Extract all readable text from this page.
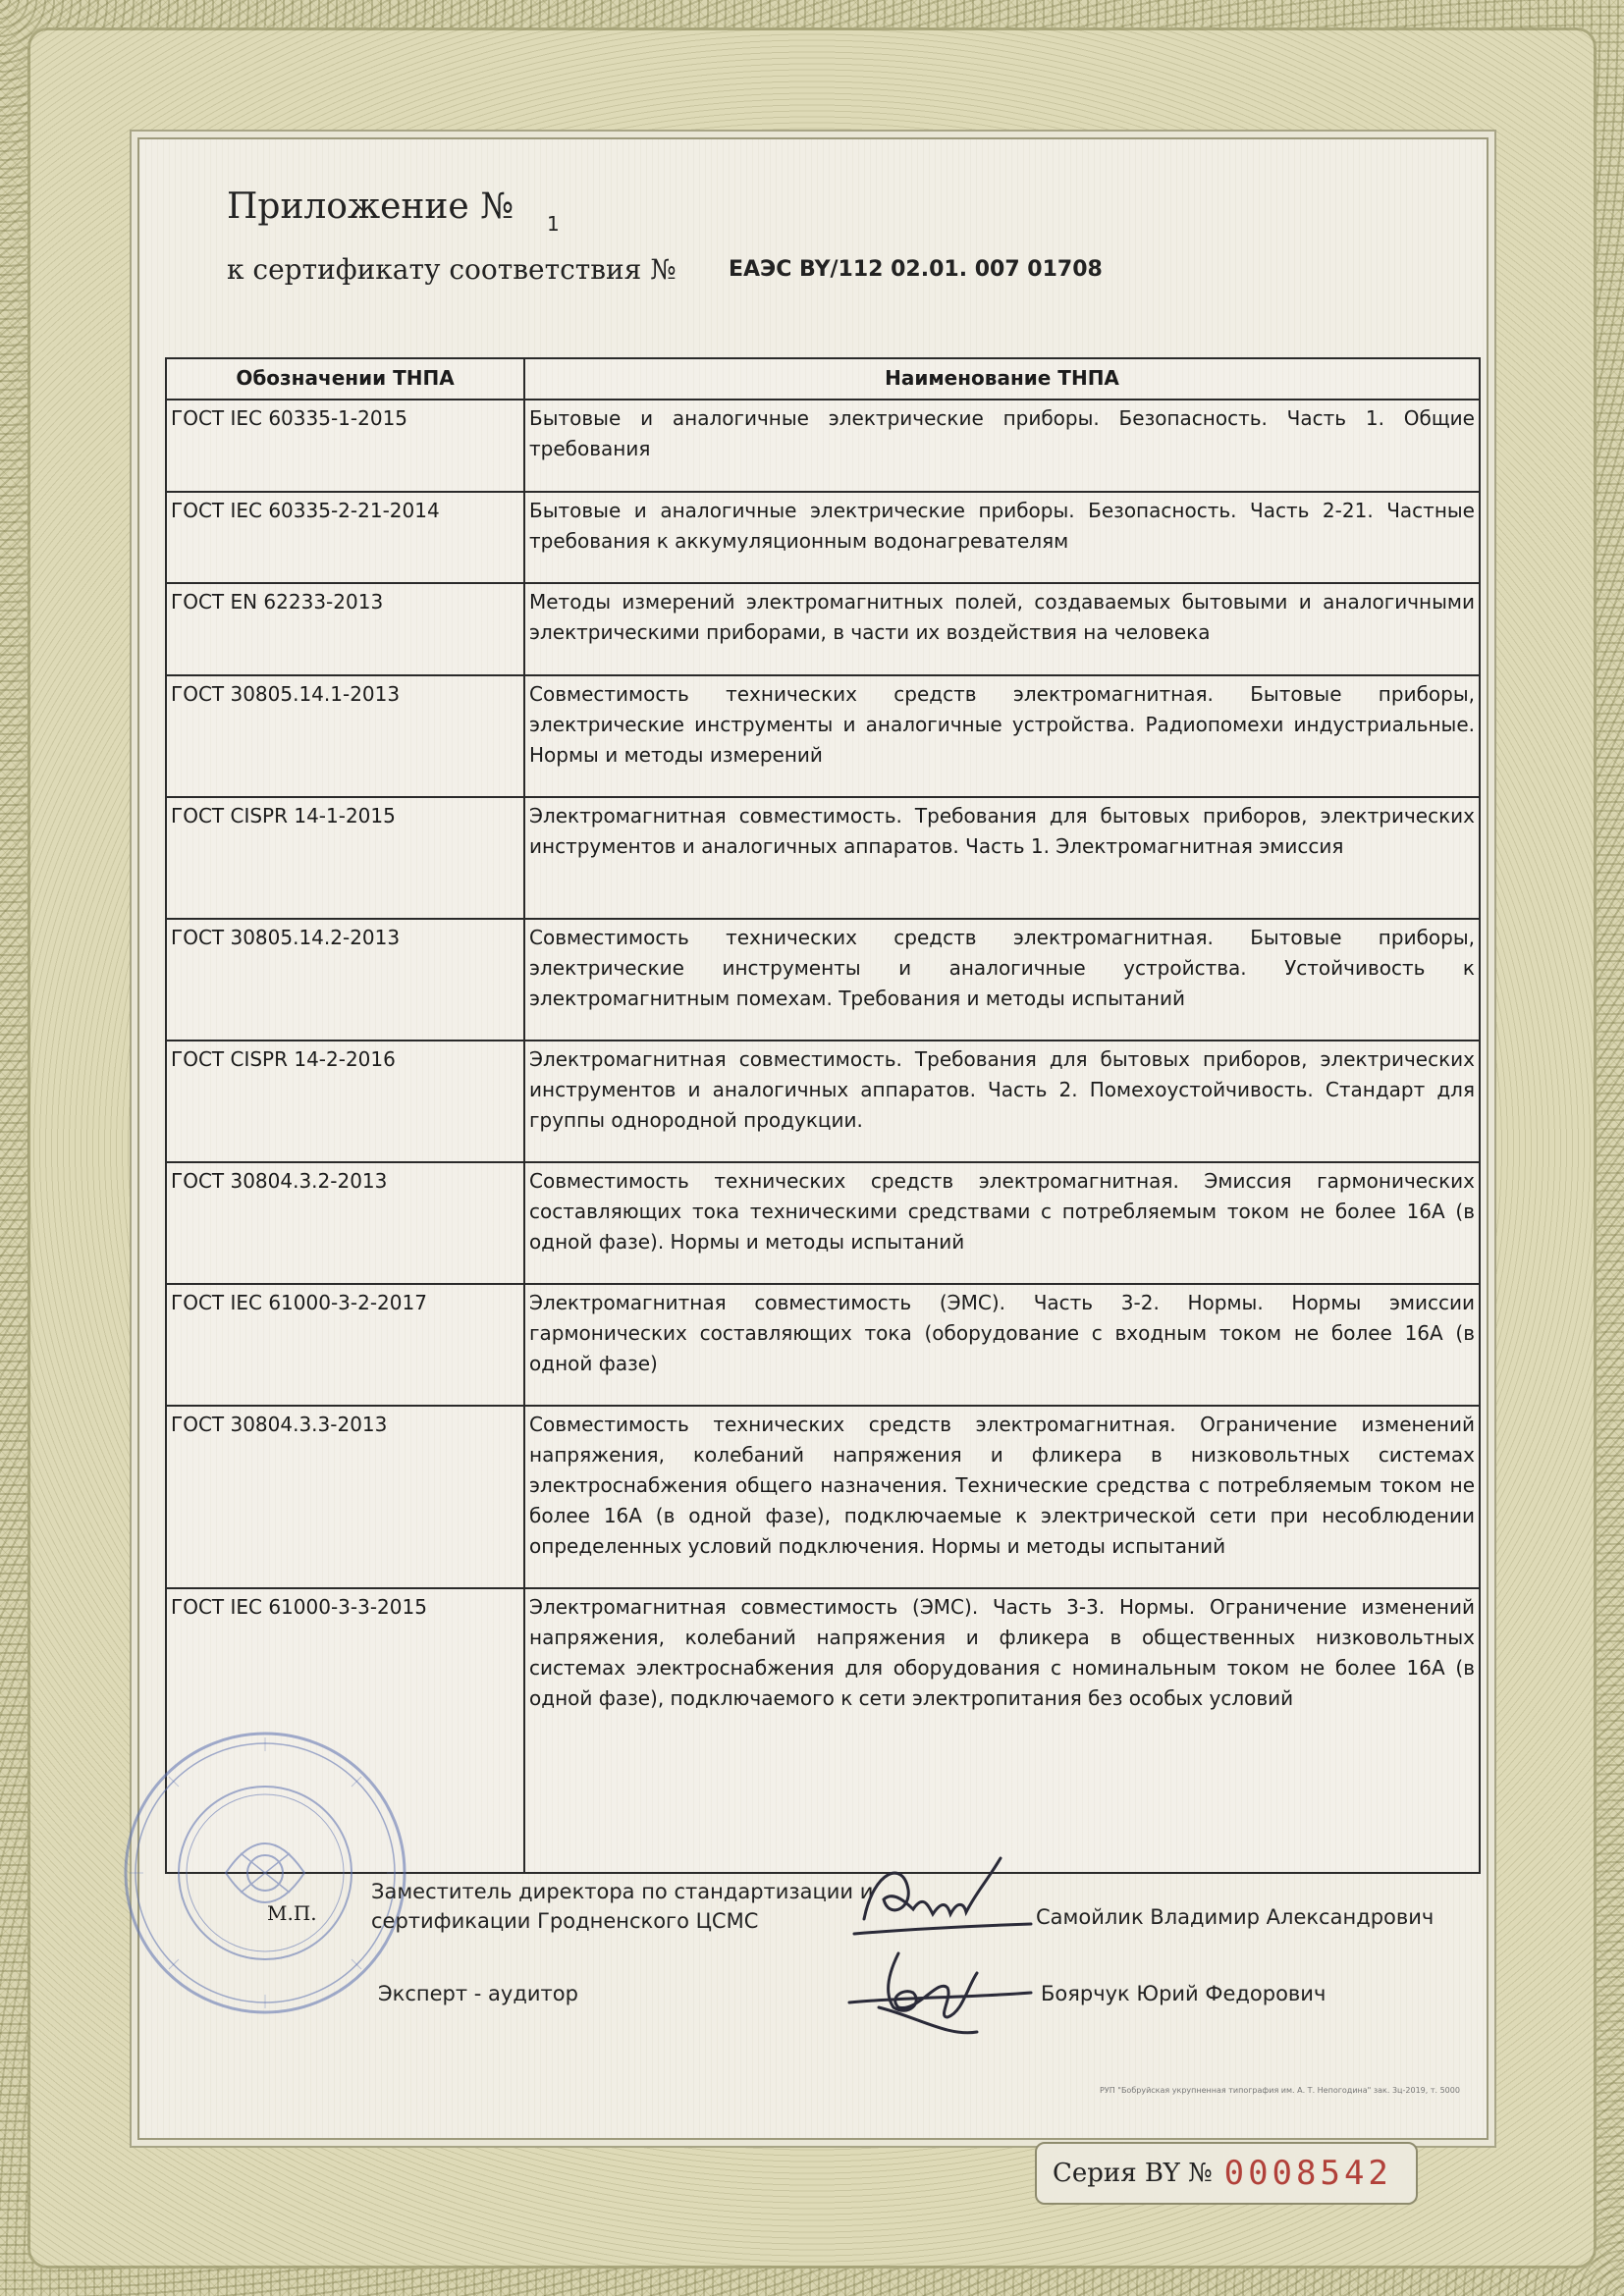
Приложение № 1
к сертификату соответствия № ЕАЭС BY/112 02.01. 007 01708
Обозначении ТНПА	Наименование ТНПА
ГОСТ IEC 60335-1-2015	Бытовые и аналогичные электрические приборы. Безопасность. Часть 1. Общие требования
ГОСТ IEC 60335-2-21-2014	Бытовые и аналогичные электрические приборы. Безопасность. Часть 2-21. Частные требования к аккумуляционным водонагревателям
ГОСТ EN 62233-2013	Методы измерений электромагнитных полей, создаваемых бытовыми и аналогичными электрическими приборами, в части их воздействия на человека
ГОСТ 30805.14.1-2013	Совместимость технических средств электромагнитная. Бытовые приборы, электрические инструменты и аналогичные устройства. Радиопомехи индустриальные. Нормы и методы измерений
ГОСТ CISPR 14-1-2015	Электромагнитная совместимость. Требования для бытовых приборов, электрических инструментов и аналогичных аппаратов. Часть 1. Электромагнитная эмиссия
ГОСТ 30805.14.2-2013	Совместимость технических средств электромагнитная. Бытовые приборы, электрические инструменты и аналогичные устройства. Устойчивость к электромагнитным помехам. Требования и методы испытаний
ГОСТ CISPR 14-2-2016	Электромагнитная совместимость. Требования для бытовых приборов, электрических инструментов и аналогичных аппаратов. Часть 2. Помехоустойчивость. Стандарт для группы однородной продукции.
ГОСТ 30804.3.2-2013	Совместимость технических средств электромагнитная. Эмиссия гармонических составляющих тока техническими средствами с потребляемым током не более 16А (в одной фазе). Нормы и методы испытаний
ГОСТ IEC 61000-3-2-2017	Электромагнитная совместимость (ЭМС). Часть 3-2. Нормы. Нормы эмиссии гармонических составляющих тока (оборудование с входным током не более 16А (в одной фазе)
ГОСТ 30804.3.3-2013	Совместимость технических средств электромагнитная. Ограничение изменений напряжения, колебаний напряжения и фликера в низковольтных системах электроснабжения общего назначения. Технические средства с потребляемым током не более 16А (в одной фазе), подключаемые к электрической сети при несоблюдении определенных условий подключения. Нормы и методы испытаний
ГОСТ IEC 61000-3-3-2015	Электромагнитная совместимость (ЭМС). Часть 3-3. Нормы. Ограничение изменений напряжения, колебаний напряжения и фликера в общественных низковольтных системах электроснабжения для оборудования с номинальным током не более 16А (в одной фазе), подключаемого к сети электропитания без особых условий
М.П.
Заместитель директора по стандартизации и сертификации Гродненского ЦСМС	Самойлик Владимир Александрович
Эксперт - аудитор	Боярчук Юрий Федорович
РУП "Бобруйская укрупненная типография им. А. Т. Непогодина" зак. 3ц-2019, т. 5000
Серия BY № 0008542
